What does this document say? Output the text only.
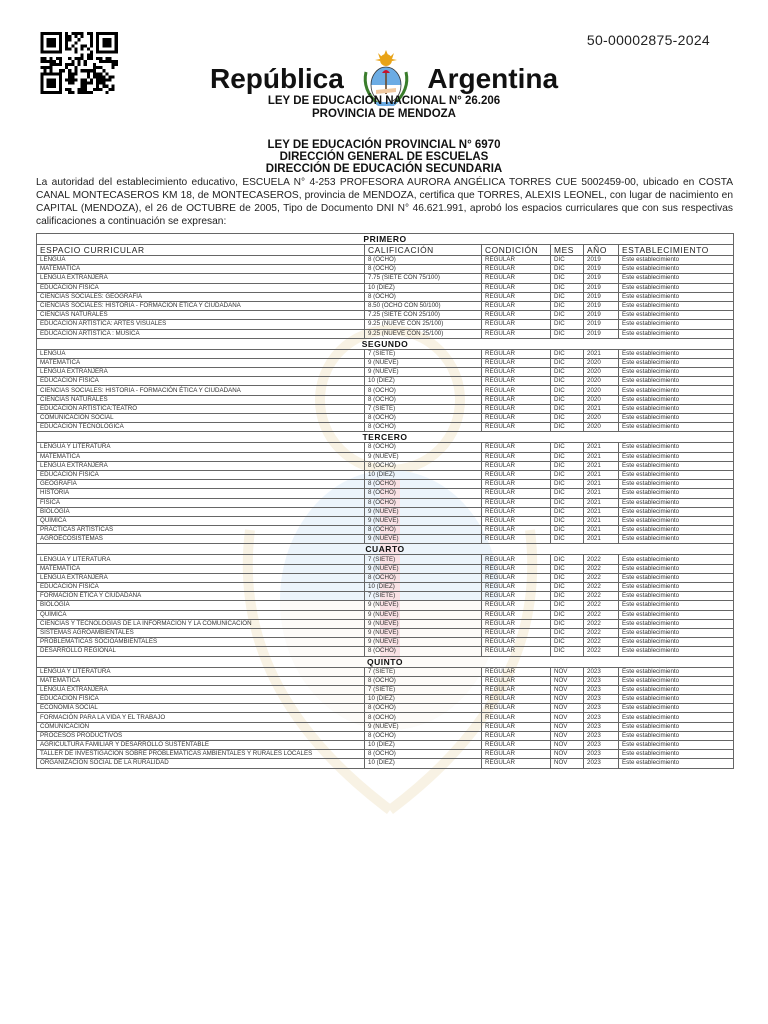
50-00002875-2024
República	Argentina
LEY DE EDUCACIÓN NACIONAL N° 26.206
PROVINCIA DE MENDOZA
LEY DE EDUCACIÓN PROVINCIAL N° 6970
DIRECCIÓN GENERAL DE ESCUELAS
DIRECCIÓN DE EDUCACIÓN SECUNDARIA
La autoridad del establecimiento educativo, ESCUELA N° 4-253 PROFESORA AURORA ANGÉLICA TORRES CUE 5002459-00, ubicado en COSTA CANAL MONTECASEROS KM 18, de MONTECASEROS, provincia de MENDOZA, certifica que TORRES, ALEXIS LEONEL, con lugar de nacimiento en CAPITAL (MENDOZA), el 26 de OCTUBRE de 2005, Tipo de Documento DNI N° 46.621.991, aprobó los espacios curriculares que con sus respectivas calificaciones a continuación se expresan:
PRIMERO					
ESPACIO CURRICULAR	CALIFICACIÓN	CONDICIÓN	MES	AÑO	ESTABLECIMIENTO
LENGUA	8 (OCHO)	REGULAR	DIC	2019	Este establecimiento
MATEMÁTICA	8 (OCHO)	REGULAR	DIC	2019	Este establecimiento
LENGUA EXTRANJERA	7.75 (SIETE CON 75/100)	REGULAR	DIC	2019	Este establecimiento
EDUCACIÓN FÍSICA	10 (DIEZ)	REGULAR	DIC	2019	Este establecimiento
CIENCIAS SOCIALES: GEOGRAFÍA	8 (OCHO)	REGULAR	DIC	2019	Este establecimiento
CIENCIAS SOCIALES: HISTORIA - FORMACIÓN ÉTICA Y CIUDADANA	8.50 (OCHO CON 50/100)	REGULAR	DIC	2019	Este establecimiento
CIENCIAS NATURALES	7.25 (SIETE CON 25/100)	REGULAR	DIC	2019	Este establecimiento
EDUCACIÓN ARTÍSTICA: ARTES VISUALES	9.25 (NUEVE CON 25/100)	REGULAR	DIC	2019	Este establecimiento
EDUCACIÓN ARTÍSTICA : MÚSICA	9.25 (NUEVE CON 25/100)	REGULAR	DIC	2019	Este establecimiento
SEGUNDO					
LENGUA	7 (SIETE)	REGULAR	DIC	2021	Este establecimiento
MATEMÁTICA	9 (NUEVE)	REGULAR	DIC	2020	Este establecimiento
LENGUA EXTRANJERA	9 (NUEVE)	REGULAR	DIC	2020	Este establecimiento
EDUCACIÓN FÍSICA	10 (DIEZ)	REGULAR	DIC	2020	Este establecimiento
CIENCIAS SOCIALES: HISTORIA - FORMACIÓN ÉTICA Y CIUDADANA	8 (OCHO)	REGULAR	DIC	2020	Este establecimiento
CIENCIAS NATURALES	8 (OCHO)	REGULAR	DIC	2020	Este establecimiento
EDUCACIÓN ARTÍSTICA:TEATRO	7 (SIETE)	REGULAR	DIC	2021	Este establecimiento
COMUNICACIÓN SOCIAL	8 (OCHO)	REGULAR	DIC	2020	Este establecimiento
EDUCACIÓN TECNOLÓGICA	8 (OCHO)	REGULAR	DIC	2020	Este establecimiento
TERCERO					
LENGUA Y LITERATURA	8 (OCHO)	REGULAR	DIC	2021	Este establecimiento
MATEMÁTICA	9 (NUEVE)	REGULAR	DIC	2021	Este establecimiento
LENGUA EXTRANJERA	8 (OCHO)	REGULAR	DIC	2021	Este establecimiento
EDUCACIÓN FÍSICA	10 (DIEZ)	REGULAR	DIC	2021	Este establecimiento
GEOGRAFÍA	8 (OCHO)	REGULAR	DIC	2021	Este establecimiento
HISTORIA	8 (OCHO)	REGULAR	DIC	2021	Este establecimiento
FÍSICA	8 (OCHO)	REGULAR	DIC	2021	Este establecimiento
BIOLOGÍA	9 (NUEVE)	REGULAR	DIC	2021	Este establecimiento
QUÍMICA	9 (NUEVE)	REGULAR	DIC	2021	Este establecimiento
PRÁCTICAS ARTÍSTICAS	8 (OCHO)	REGULAR	DIC	2021	Este establecimiento
AGROECOSISTEMAS	9 (NUEVE)	REGULAR	DIC	2021	Este establecimiento
CUARTO					
LENGUA Y LITERATURA	7 (SIETE)	REGULAR	DIC	2022	Este establecimiento
MATEMÁTICA	9 (NUEVE)	REGULAR	DIC	2022	Este establecimiento
LENGUA EXTRANJERA	8 (OCHO)	REGULAR	DIC	2022	Este establecimiento
EDUCACIÓN FÍSICA	10 (DIEZ)	REGULAR	DIC	2022	Este establecimiento
FORMACIÓN ÉTICA Y CIUDADANA	7 (SIETE)	REGULAR	DIC	2022	Este establecimiento
BIOLOGÍA	9 (NUEVE)	REGULAR	DIC	2022	Este establecimiento
QUÍMICA	9 (NUEVE)	REGULAR	DIC	2022	Este establecimiento
CIENCIAS Y TECNOLOGÍAS DE LA INFORMACIÓN Y LA COMUNICACIÓN	9 (NUEVE)	REGULAR	DIC	2022	Este establecimiento
SISTEMAS AGROAMBIENTALES	9 (NUEVE)	REGULAR	DIC	2022	Este establecimiento
PROBLEMÁTICAS SOCIOAMBIENTALES	9 (NUEVE)	REGULAR	DIC	2022	Este establecimiento
DESARROLLO REGIONAL	8 (OCHO)	REGULAR	DIC	2022	Este establecimiento
QUINTO					
LENGUA Y LITERATURA	7 (SIETE)	REGULAR	NOV	2023	Este establecimiento
MATEMÁTICA	8 (OCHO)	REGULAR	NOV	2023	Este establecimiento
LENGUA EXTRANJERA	7 (SIETE)	REGULAR	NOV	2023	Este establecimiento
EDUCACIÓN FÍSICA	10 (DIEZ)	REGULAR	NOV	2023	Este establecimiento
ECONOMÍA SOCIAL	8 (OCHO)	REGULAR	NOV	2023	Este establecimiento
FORMACIÓN PARA LA VIDA Y EL TRABAJO	8 (OCHO)	REGULAR	NOV	2023	Este establecimiento
COMUNICACIÓN	9 (NUEVE)	REGULAR	NOV	2023	Este establecimiento
PROCESOS PRODUCTIVOS	8 (OCHO)	REGULAR	NOV	2023	Este establecimiento
AGRICULTURA FAMILIAR Y DESARROLLO SUSTENTABLE	10 (DIEZ)	REGULAR	NOV	2023	Este establecimiento
TALLER DE INVESTIGACIÓN SOBRE PROBLEMÁTICAS AMBIENTALES Y RURALES LOCALES	8 (OCHO)	REGULAR	NOV	2023	Este establecimiento
ORGANIZACIÓN SOCIAL DE LA RURALIDAD	10 (DIEZ)	REGULAR	NOV	2023	Este establecimiento
